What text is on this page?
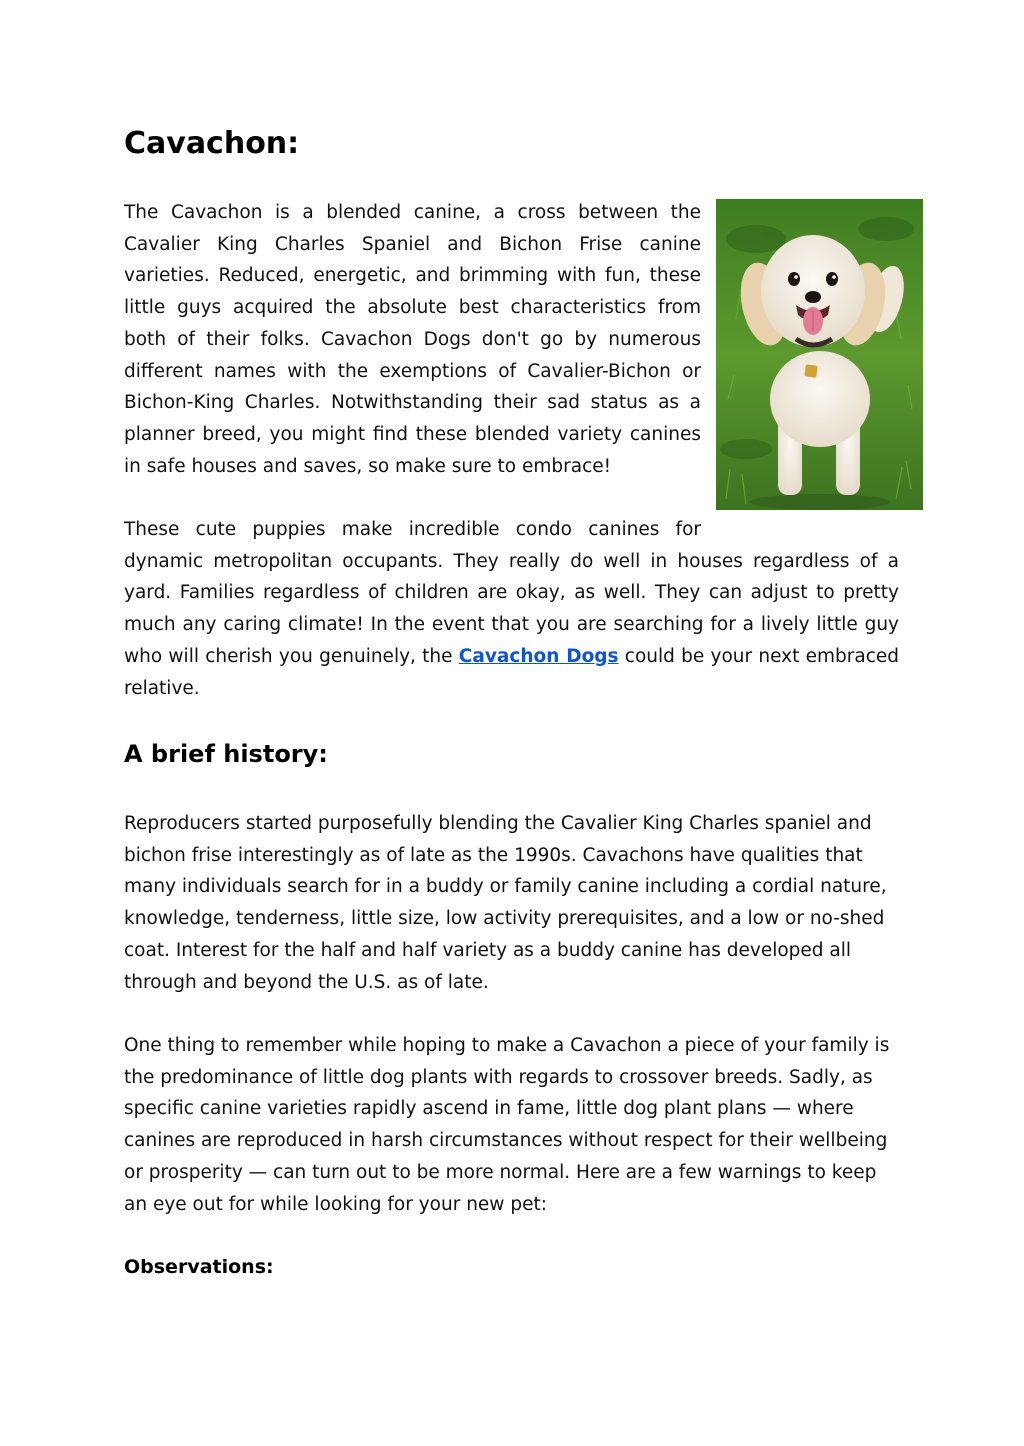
Cavachon:

The Cavachon is a blended canine, a cross between the Cavalier King Charles Spaniel and Bichon Frise canine varieties. Reduced, energetic, and brimming with fun, these little guys acquired the absolute best characteristics from both of their folks. Cavachon Dogs don't go by numerous different names with the exemptions of Cavalier-Bichon or Bichon-King Charles. Notwithstanding their sad status as a planner breed, you might find these blended variety canines in safe houses and saves, so make sure to embrace!

These cute puppies make incredible condo canines for
dynamic metropolitan occupants. They really do well in houses regardless of a yard. Families regardless of children are okay, as well. They can adjust to pretty much any caring climate! In the event that you are searching for a lively little guy who will cherish you genuinely, the Cavachon Dogs could be your next embraced relative.

A brief history:

Reproducers started purposefully blending the Cavalier King Charles spaniel and bichon frise interestingly as of late as the 1990s. Cavachons have qualities that many individuals search for in a buddy or family canine including a cordial nature, knowledge, tenderness, little size, low activity prerequisites, and a low or no-shed coat. Interest for the half and half variety as a buddy canine has developed all through and beyond the U.S. as of late.

One thing to remember while hoping to make a Cavachon a piece of your family is the predominance of little dog plants with regards to crossover breeds. Sadly, as specific canine varieties rapidly ascend in fame, little dog plant plans — where canines are reproduced in harsh circumstances without respect for their wellbeing or prosperity — can turn out to be more normal. Here are a few warnings to keep an eye out for while looking for your new pet:

Observations:
